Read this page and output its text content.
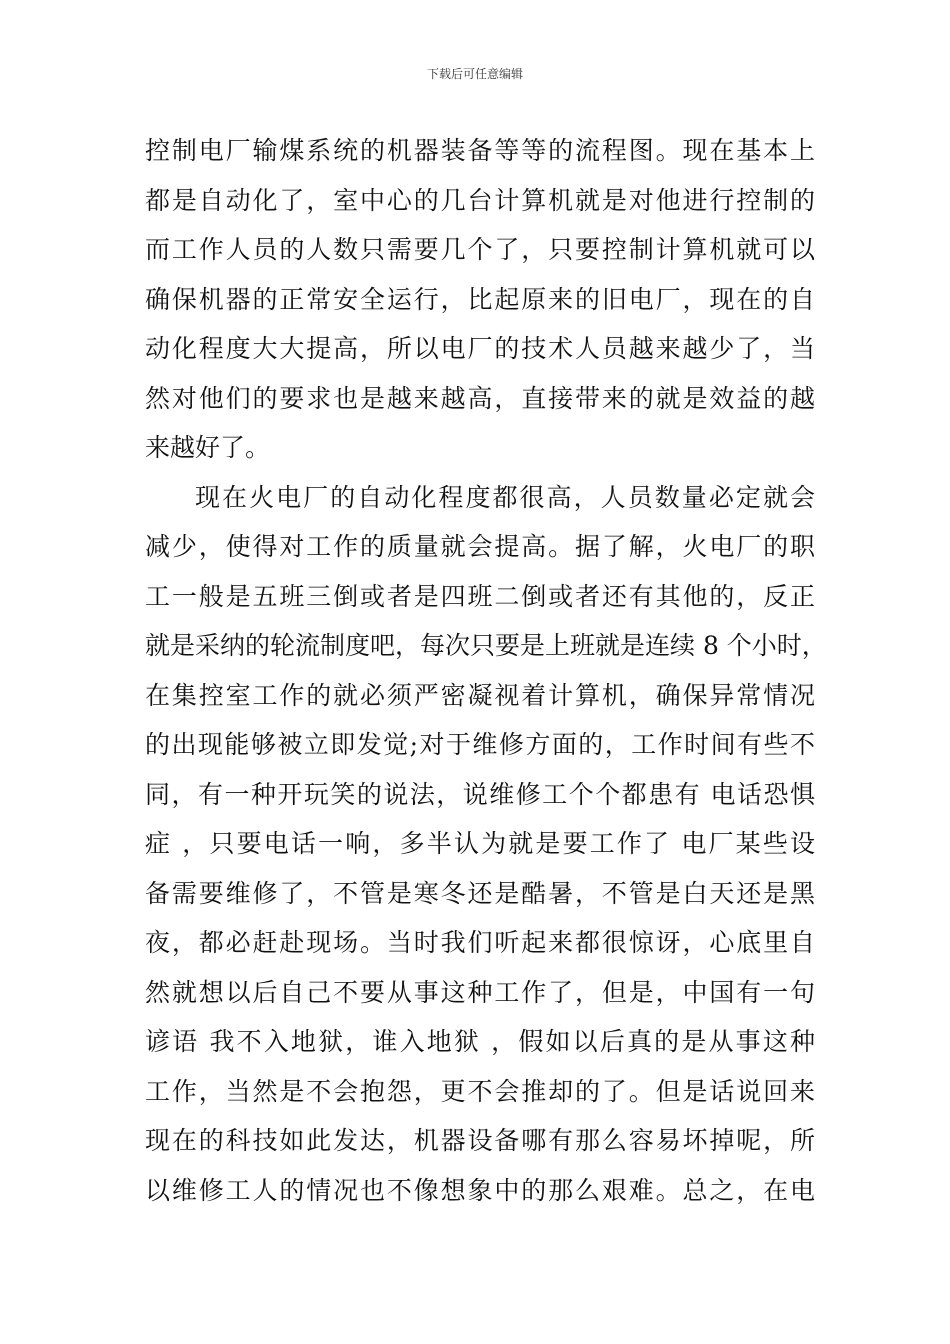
下载后可任意编辑
控制电厂输煤系统的机器装备等等的流程图。现在基本上
都是自动化了，室中心的几台计算机就是对他进行控制的
而工作人员的人数只需要几个了，只要控制计算机就可以
确保机器的正常安全运行，比起原来的旧电厂，现在的自
动化程度大大提高，所以电厂的技术人员越来越少了，当
然对他们的要求也是越来越高，直接带来的就是效益的越
来越好了。
现在火电厂的自动化程度都很高，人员数量必定就会
减少，使得对工作的质量就会提高。据了解，火电厂的职
工一般是五班三倒或者是四班二倒或者还有其他的，反正
就是采纳的轮流制度吧，每次只要是上班就是连续 8 个小时，
在集控室工作的就必须严密凝视着计算机，确保异常情况
的出现能够被立即发觉;对于维修方面的，工作时间有些不
同，有一种开玩笑的说法，说维修工个个都患有 电话恐惧
症 ，只要电话一响，多半认为就是要工作了 电厂某些设
备需要维修了，不管是寒冬还是酷暑，不管是白天还是黑
夜，都必赶赴现场。当时我们听起来都很惊讶，心底里自
然就想以后自己不要从事这种工作了，但是，中国有一句
谚语 我不入地狱，谁入地狱 ，假如以后真的是从事这种
工作，当然是不会抱怨，更不会推却的了。但是话说回来
现在的科技如此发达，机器设备哪有那么容易坏掉呢，所
以维修工人的情况也不像想象中的那么艰难。总之，在电
